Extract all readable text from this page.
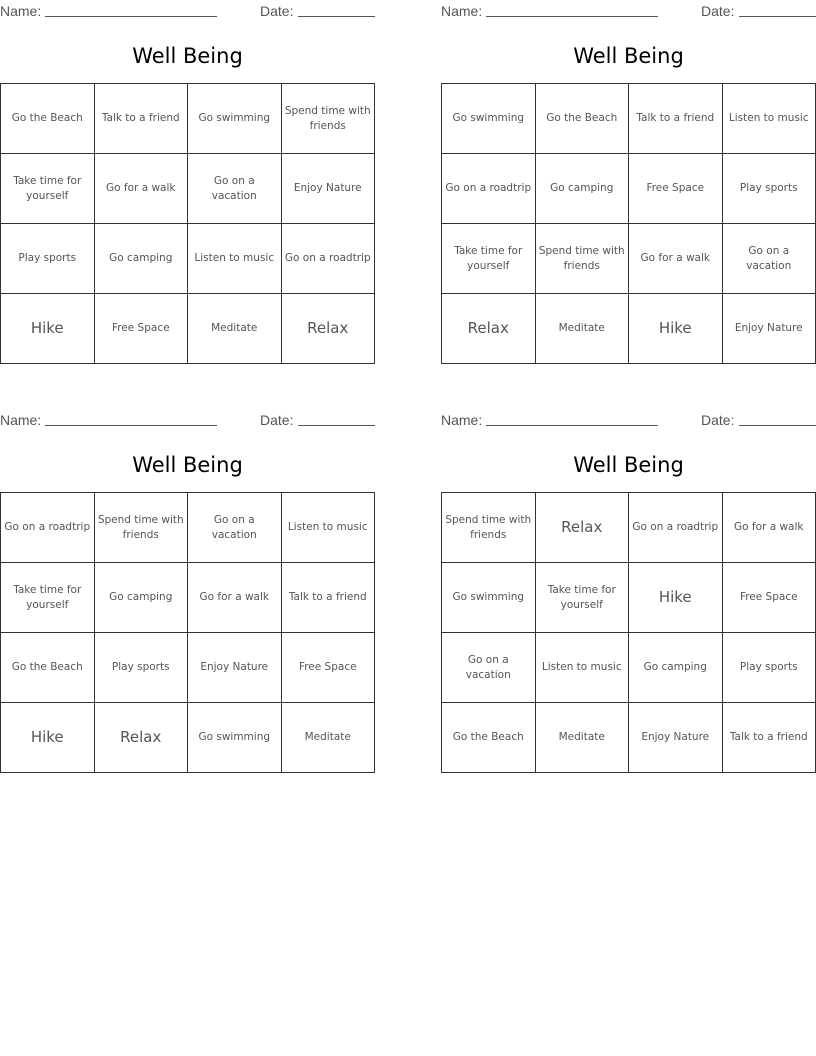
Name:	Date:
Well Being
Go the Beach	Talk to a friend	Go swimming	Spend time with friends
Take time for yourself	Go for a walk	Go on a vacation	Enjoy Nature
Play sports	Go camping	Listen to music	Go on a roadtrip
Hike	Free Space	Meditate	Relax
Name:	Date:
Well Being
Go swimming	Go the Beach	Talk to a friend	Listen to music
Go on a roadtrip	Go camping	Free Space	Play sports
Take time for yourself	Spend time with friends	Go for a walk	Go on a vacation
Relax	Meditate	Hike	Enjoy Nature
Name:	Date:
Well Being
Go on a roadtrip	Spend time with friends	Go on a vacation	Listen to music
Take time for yourself	Go camping	Go for a walk	Talk to a friend
Go the Beach	Play sports	Enjoy Nature	Free Space
Hike	Relax	Go swimming	Meditate
Name:	Date:
Well Being
Spend time with friends	Relax	Go on a roadtrip	Go for a walk
Go swimming	Take time for yourself	Hike	Free Space
Go on a vacation	Listen to music	Go camping	Play sports
Go the Beach	Meditate	Enjoy Nature	Talk to a friend
